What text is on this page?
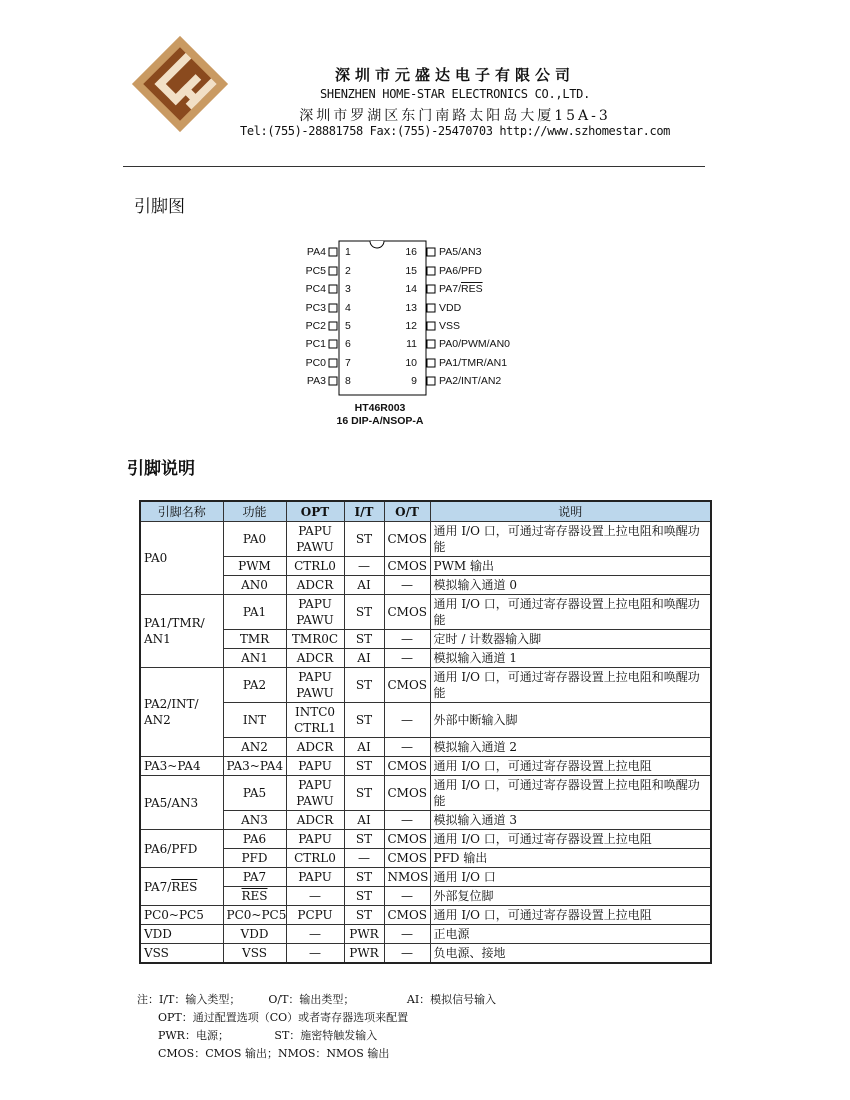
深圳市元盛达电子有限公司
SHENZHEN HOME-STAR ELECTRONICS CO.,LTD.
深圳市罗湖区东门南路太阳岛大厦15A-3
Tel:(755)-28881758 Fax:(755)-25470703 http://www.szhomestar.com
引脚图
PA4 1
PC5 2
PC4 3
PC3 4
PC2 5
PC1 6
PC0 7
PA3 8
PA5/AN3
16
PA6/PFD
15
$PA7/\overline{RES}$
14
VDD
13
VSS
12
PA0/PWM/AN0
11
PA1/TMR/AN1
10
PA2/INT/AN2
9
HT46R003
16 DIP-A/NSOP-A
引脚说明
引脚名称	功能	OPT	I/T	O/T	说明
PA0	PA0	PAPU
PAWU	ST	CMOS	通用 I/O 口，可通过寄存器设置上拉电阻和唤醒功能
	PWM	CTRL0	—	CMOS	PWM 输出
	AN0	ADCR	AI	—	模拟输入通道 0
PA1/TMR/
AN1	PA1	PAPU
PAWU	ST	CMOS	通用 I/O 口，可通过寄存器设置上拉电阻和唤醒功能
	TMR	TMR0C	ST	—	定时 / 计数器输入脚
	AN1	ADCR	AI	—	模拟输入通道 1
PA2/INT/
AN2	PA2	PAPU
PAWU	ST	CMOS	通用 I/O 口，可通过寄存器设置上拉电阻和唤醒功能
	INT	INTC0
CTRL1	ST	—	外部中断输入脚
	AN2	ADCR	AI	—	模拟输入通道 2
PA3~PA4	PA3~PA4	PAPU	ST	CMOS	通用 I/O 口，可通过寄存器设置上拉电阻
PA5/AN3	PA5	PAPU
PAWU	ST	CMOS	通用 I/O 口，可通过寄存器设置上拉电阻和唤醒功能
	AN3	ADCR	AI	—	模拟输入通道 3
PA6/PFD	PA6	PAPU	ST	CMOS	通用 I/O 口，可通过寄存器设置上拉电阻
	PFD	CTRL0	—	CMOS	PFD 输出
$PA7/\overline{RES}$	PA7	PAPU	ST	NMOS	通用 I/O 口
	$\overline{RES}$	—	ST	—	外部复位脚
PC0~PC5	PC0~PC5	PCPU	ST	CMOS	通用 I/O 口，可通过寄存器设置上拉电阻
VDD	VDD	—	PWR	—	正电源
VSS	VSS	—	PWR	—	负电源、接地
注：I/T：输入类型；        O/T：输出类型；               AI：模拟信号输入
OPT：通过配置选项（CO）或者寄存器选项来配置
PWR：电源；             ST：施密特触发输入
CMOS：CMOS 输出；NMOS：NMOS 输出
